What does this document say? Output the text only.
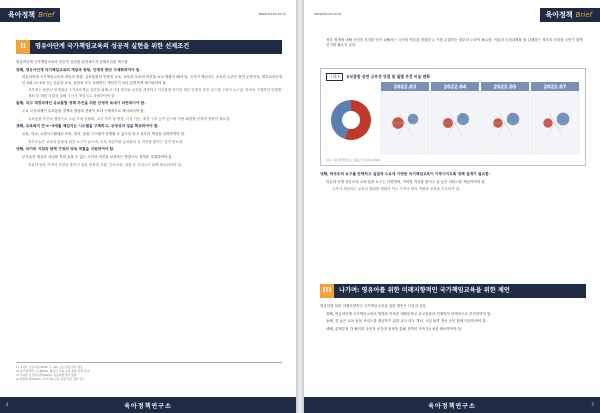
육아정책 Brief	www.kicce.re.kr
II 영유아단계 국가책임교육의 성공적 실현을 위한 선제조건

영유아단계 국가책임교육의 성공적 실현을 위한 6가지 선제조건을 제시함.

첫째, 영유아단계 국가책임교육의 개념과 방향, 단계적 방안 구체화하여야 함.

영유아단계 국가책임교육의 개념과 방향, 유보통합의 연장선 교육, 교육과 보호의 비전을 보다 명확히 해야 함. 국가가 책임지는 교육의 수준은 전면 무상인지, 대부교육단계인 5세, 0~4세 등), 공급과 교육, 돌봄을 모두 포괄하는 개념인지 보다 분명하게 제시되어야 함.

정부에는 돌봄신 선계에서 국가교육책임 실현을 위해 조기에 정부와 교육을 개정하고 이러함에 이어진 세부 단계적 추진 로드맵 구성이 요구됨. 따라서 구체적인 단계별 계획 및 재원 조달을 위해 국가가 책임지고 자원하여야 함.

둘째, 국고 재정과제인 유보통합 정책 추진을 위한 안정적 토대가 마련되어야 함.

주요 국정과제인 유보통합 정책의 방향과 전략이 보다 구체적으로 제시되어야 함.

유보통합 추진의 쟁점으로 소관 부처 일원화, 교사 자격 및 양성, 시설 기준, 재정 구조 등이 있으며 이를 해결할 단계적 전략이 필요함.

셋째, 교육복지 만 0~5세를 책임지는 시스템을 구축하고, 공정성과 질을 확보하여야 함.

교육, 학교, 교원시스템에서 보육, 복지, 돌봄 시스템이 연계될 수 있도록 하고 정부의 책임을 강화하여야 함.

학부모들은 교육과 돌봄에 대한 요구가 높으며, 특히 어린이집·유치원의 질 격차를 줄이는 것이 중요함.

넷째, 국가의 지원과 함께 가정의 양육 역할을 지원하여야 함.

부모들이 영유아 자녀를 직접 돌볼 수 있는 시간과 여건을 보장하는 방향으로 정책을 설계하여야 함.

영유아 양육 가정의 부담을 줄이기 위한 양육비 지원, 부모교육, 상담 등 서비스가 함께 제공되어야 함.

1) 교육부 보도자료(2022. 7. 29). 보도자료 내용 참조.
2) 육아정책연구소(2022). 영유아 교육·보육 통합 관련 조사.
3) 교육부·보건복지부(2022). 유보통합 추진 방향.
4) 박창현 외(2022). 유아교육·보육 통합 추진 방안 연구.
4	육아정책연구소
www.kicce.re.kr	육아정책 Brief

정부 정책에 대해 국민의 지지를 얻기 위해서는 국민의 여론을 경청하고, 이를 수렴하는 정부의 노력이 필요함. 이울러 국정과제를 잘 실행하는 정부의 의지를 국민이 함께 인식할 필요가 있음.

그림 5 유보통합 관련 긍부정 연결 및 월별 부정 비율 변화
2022.03	2022.04	2022.05	2022.07
자료: 육아정책연구소 설문조사 결과 (2022).

넷째, 학부모의 요구를 반영하고 실질적 수요에 기반한 국가책임교육이 이루어지도록 정책 설계가 필요함.

영유아 단계 학부모의 교육·돌봄 요구는 다양하며, 지역별 격차를 줄이고 질 높은 서비스를 제공하여야 함.

국가가 책임지는 교육의 범위를 명확히 하고 가정의 양육 역할과 조화를 이루어야 함.

III 나가며: 영유아를 위한 미래지향적인 국가책임교육을 위한 제언

영유아를 위한 미래지향적인 국가책임교육을 위한 제언은 다음과 같음.

첫째, 영유아단계 국가책임교육의 방향과 목표를 재확인하고 유보통합과 연계하여 단계적으로 추진하여야 함.

둘째, 질 높은 교육·돌봄 서비스를 제공하기 위한 교사 처우 개선, 시설 환경 개선 등이 함께 이루어져야 함.

셋째, 관계부처 간 협력과 국민적 공감대 형성을 통해 정책의 지속가능성을 확보하여야 함.

육아정책연구소	5
